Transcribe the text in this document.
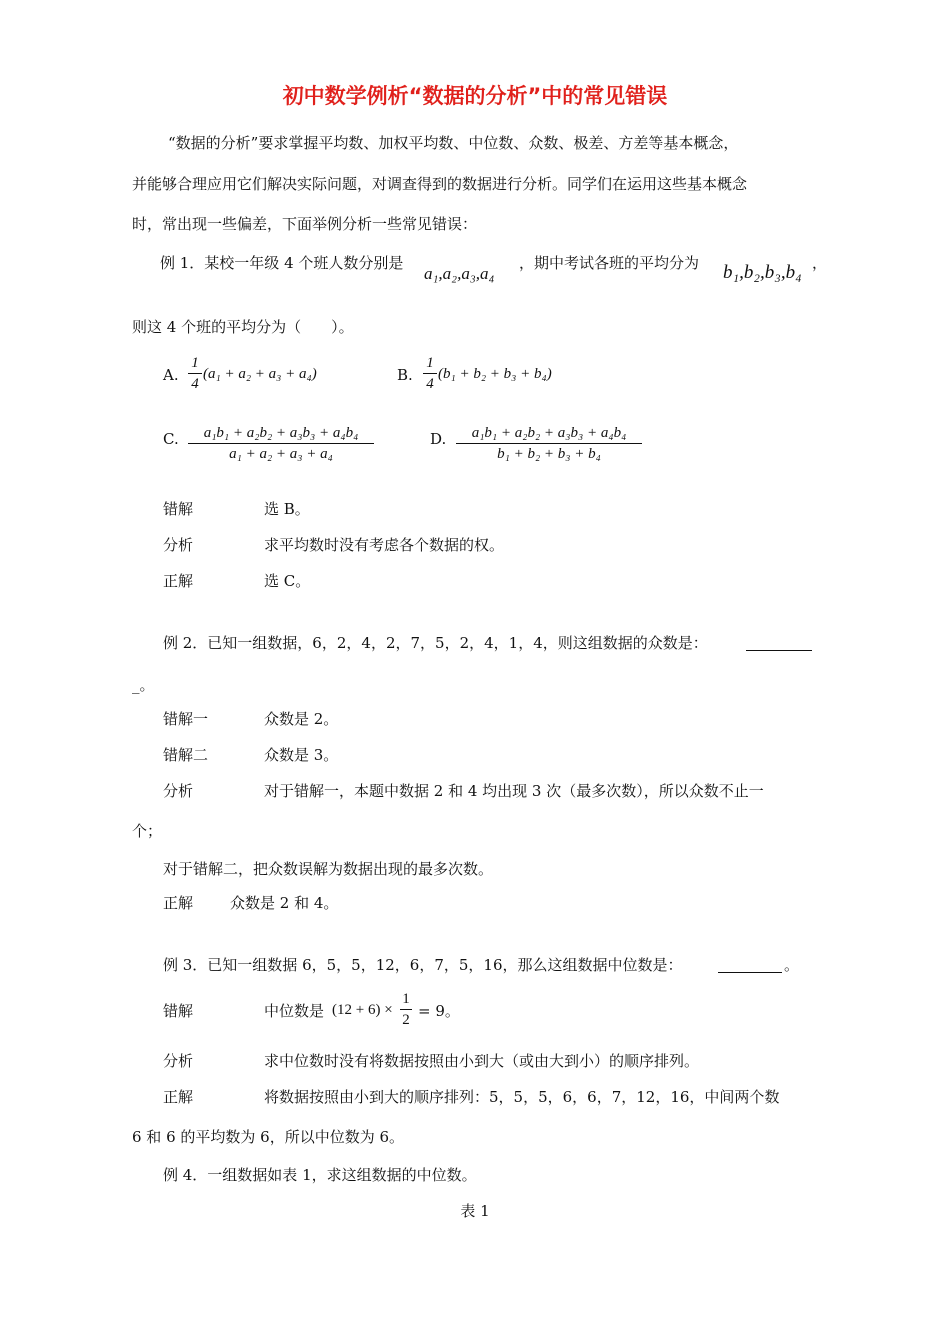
初中数学例析“数据的分析”中的常见错误
“数据的分析”要求掌握平均数、加权平均数、中位数、众数、极差、方差等基本概念，
并能够合理应用它们解决实际问题，对调查得到的数据进行分析。同学们在运用这些基本概念
时，常出现一些偏差，下面举例分析一些常见错误：
例 1．某校一年级 4 个班人数分别是
a₁,a₂,a₃,a₄
，期中考试各班的平均分为 b₁,b₂,b₃,b₄ ，
则这 4 个班的平均分为（　　）。
A.
1
4
(a₁ + a₂ + a₃ + a₄)	B.
1
4
(b₁ + b₂ + b₃ + b₄)
C.	a₁b₁ + a₂b₂ + a₃b₃ + a₄b₄
a₁ + a₂ + a₃ + a₄
D.	a₁b₁ + a₂b₂ + a₃b₃ + a₄b₄
b₁ + b₂ + b₃ + b₄
错解	选 B。
分析	求平均数时没有考虑各个数据的权。
正解	选 C。
例 2．已知一组数据，6，2，4，2，7，5，2，4，1，4，则这组数据的众数是：
_。
错解一	众数是 2。
错解二	众数是 3。
分析	对于错解一，本题中数据 2 和 4 均出现 3 次（最多次数），所以众数不止一
个；
对于错解二，把众数误解为数据出现的最多次数。
正解 众数是 2 和 4。
例 3．已知一组数据 6，5，5，12，6，7，5，16，那么这组数据中位数是：	。
错解	中位数是 (12 + 6) ×
1
2 = 9。
分析	求中位数时没有将数据按照由小到大（或由大到小）的顺序排列。
正解	将数据按照由小到大的顺序排列：5，5，5，6，6，7，12，16，中间两个数
6 和 6 的平均数为 6，所以中位数为 6。
例 4．一组数据如表 1，求这组数据的中位数。
表 1
